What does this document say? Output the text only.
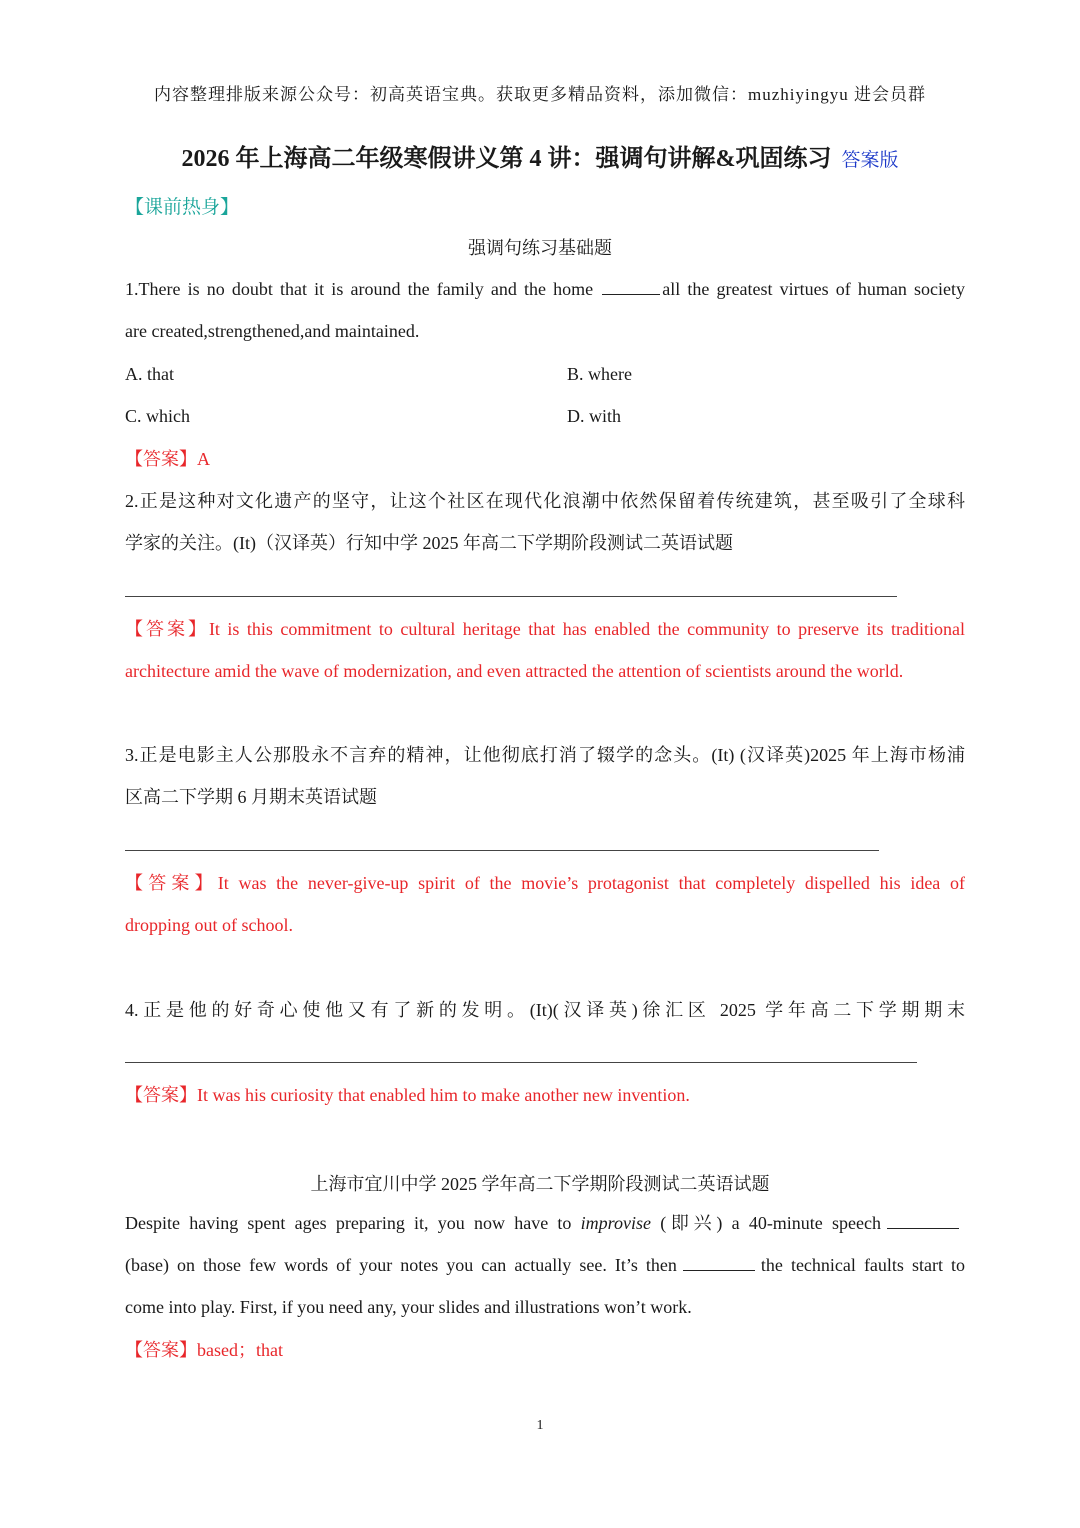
内容整理排版来源公众号：初高英语宝典。获取更多精品资料，添加微信：muzhiyingyu 进会员群
2026 年上海高二年级寒假讲义第 4 讲：强调句讲解&巩固练习 答案版
【课前热身】
强调句练习基础题
1.There is no doubt that it is around the family and the home	all the greatest virtues of human society
are created,strengthened,and maintained.
A. that	B. where
C. which	D. with
【答案】A
2.正是这种对文化遗产的坚守，让这个社区在现代化浪潮中依然保留着传统建筑，甚至吸引了全球科
学家的关注。(It)（汉译英）行知中学 2025 年高二下学期阶段测试二英语试题
【答案】It is this commitment to cultural heritage that has enabled the community to preserve its traditional
architecture amid the wave of modernization, and even attracted the attention of scientists around the world.
3.正是电影主人公那股永不言弃的精神，让他彻底打消了辍学的念头。(It) (汉译英)2025 年上海市杨浦
区高二下学期 6 月期末英语试题
【答案】It was the never-give-up spirit of the movie’s protagonist that completely dispelled his idea of
dropping out of school.
4.正是他的好奇心使他又有了新的发明。(It)(汉译英)徐汇区 2025 学年高二下学期期末
【答案】It was his curiosity that enabled him to make another new invention.
上海市宜川中学 2025 学年高二下学期阶段测试二英语试题
Despite having spent ages preparing it, you now have to improvise (即兴) a 40-minute speech
(base) on those few words of your notes you can actually see. It’s then	the technical faults start to
come into play. First, if you need any, your slides and illustrations won’t work.
【答案】based；that
1
